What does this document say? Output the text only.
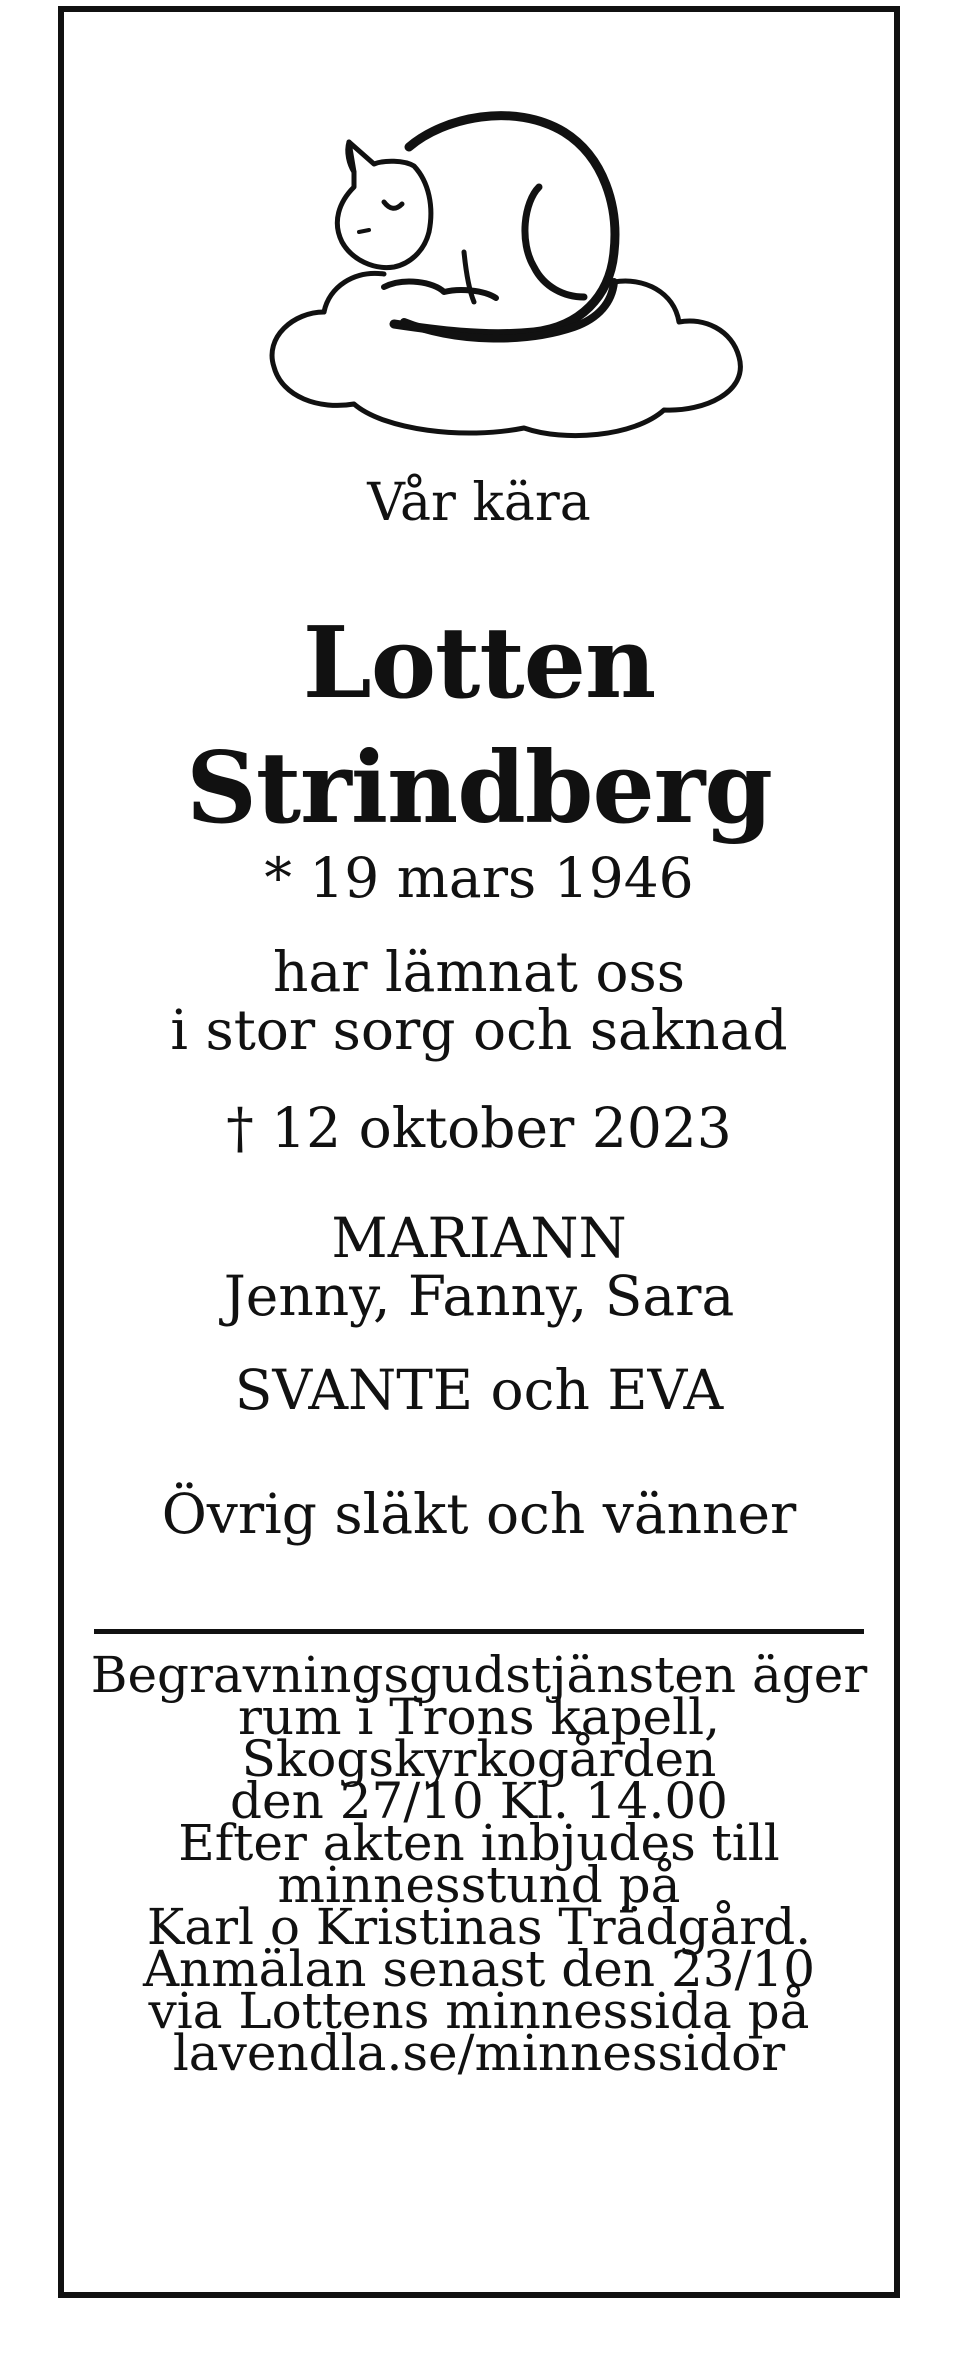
Vår kära
Lotten
Strindberg
* 19 mars 1946
har lämnat oss
i stor sorg och saknad
† 12 oktober 2023
MARIANN
Jenny, Fanny, Sara
SVANTE och EVA
Övrig släkt och vänner
Begravningsgudstjänsten äger
rum i Trons kapell,
Skogskyrkogården
den 27/10 Kl. 14.00
Efter akten inbjudes till
minnesstund på
Karl o Kristinas Trädgård.
Anmälan senast den 23/10
via Lottens minnessida på
lavendla.se/minnessidor
